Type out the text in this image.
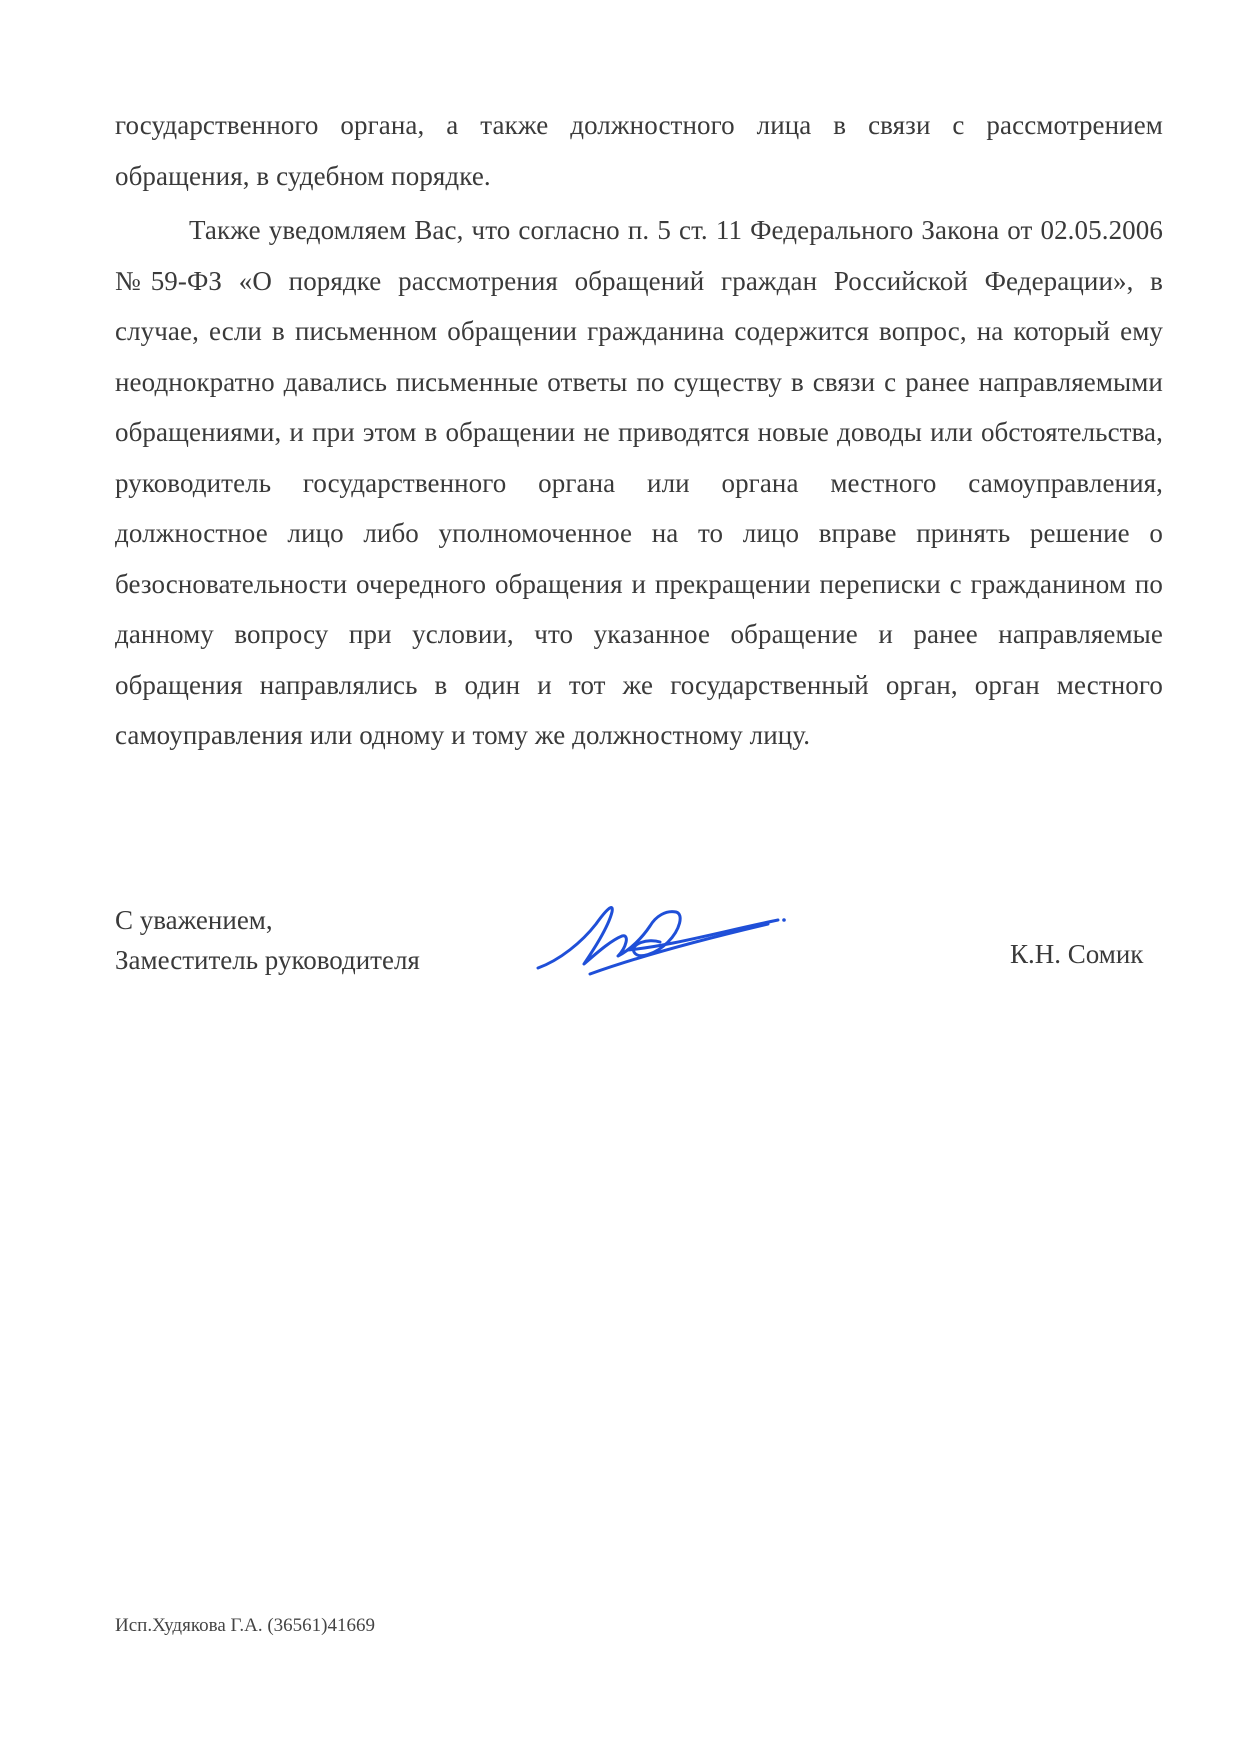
государственного органа, а также должностного лица в связи с рассмотрением обращения, в судебном порядке.

Также уведомляем Вас, что согласно п. 5 ст. 11 Федерального Закона от 02.05.2006 №59-ФЗ «О порядке рассмотрения обращений граждан Российской Федерации», в случае, если в письменном обращении гражданина содержится вопрос, на который ему неоднократно давались письменные ответы по существу в связи с ранее направляемыми обращениями, и при этом в обращении не приводятся новые доводы или обстоятельства, руководитель государственного органа или органа местного самоуправления, должностное лицо либо уполномоченное на то лицо вправе принять решение о безосновательности очередного обращения и прекращении переписки с гражданином по данному вопросу при условии, что указанное обращение и ранее направляемые обращения направлялись в один и тот же государственный орган, орган местного самоуправления или одному и тому же должностному лицу.

С уважением,
Заместитель руководителя	К.Н. Сомик
Исп.Худякова Г.А. (36561)41669
